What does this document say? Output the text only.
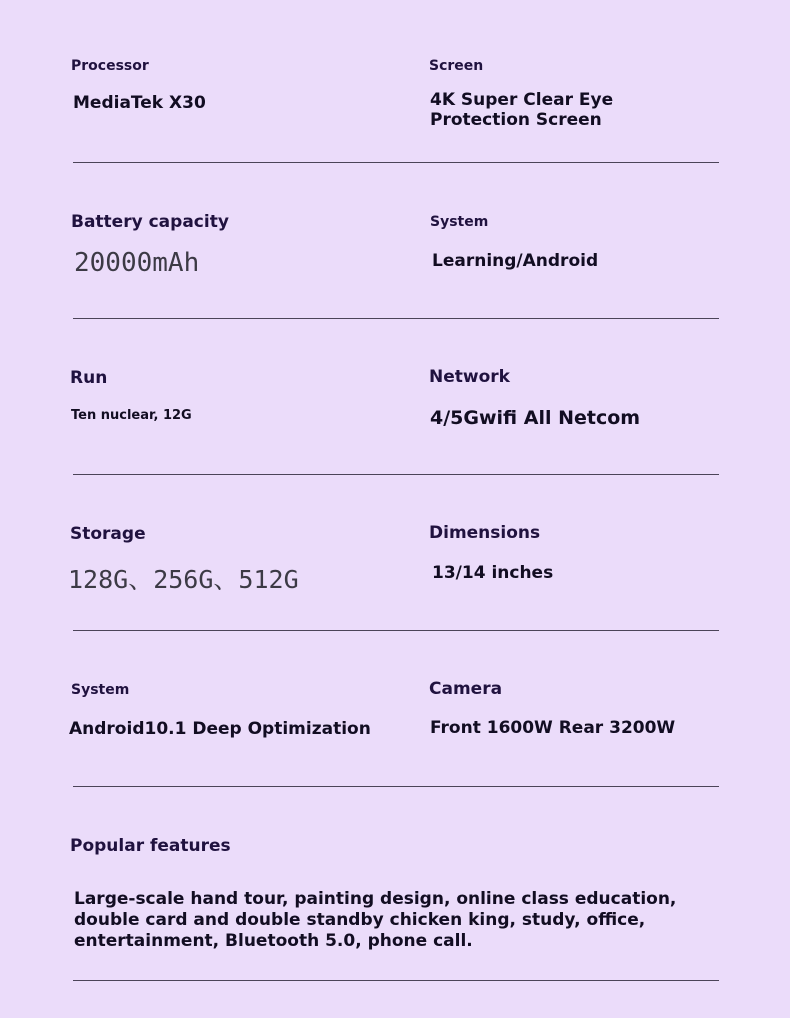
Processor
MediaTek X30
Screen
4K Super Clear Eye
Protection Screen
Battery capacity
20000mAh
System
Learning/Android
Run
Ten nuclear, 12G
Network
4/5Gwifi All Netcom
Storage
128G、256G、512G
Dimensions
13/14 inches
System
Android10.1 Deep Optimization
Camera
Front 1600W Rear 3200W
Popular features
Large-scale hand tour, painting design, online class education, double card and double standby chicken king, study, office, entertainment, Bluetooth 5.0, phone call.
